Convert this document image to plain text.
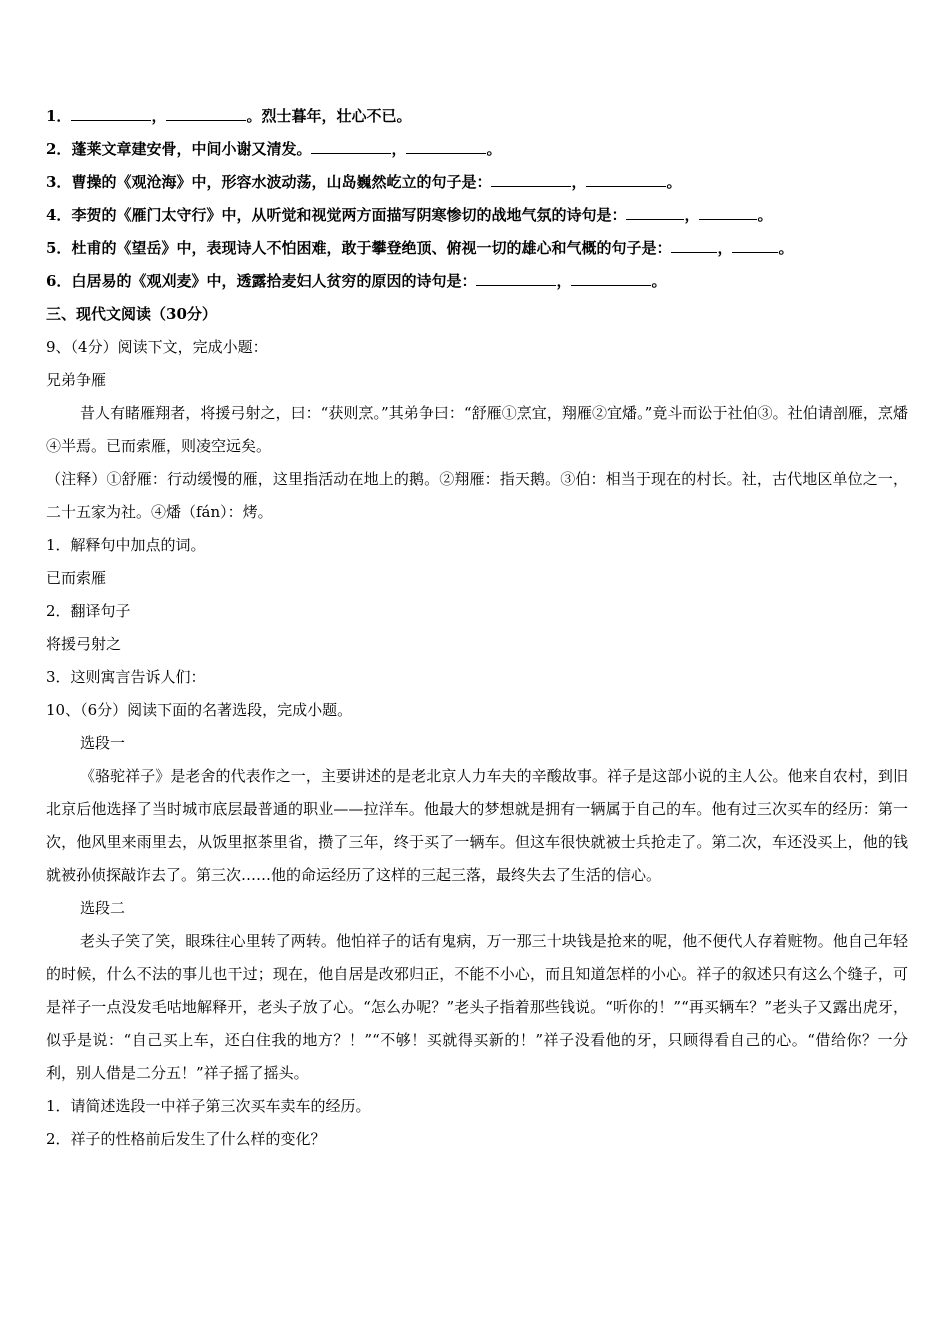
1．	，	。烈士暮年，壮心不已。
2．蓬莱文章建安骨，中间小谢又清发。	，	。
3．曹操的《观沧海》中，形容水波动荡，山岛巍然屹立的句子是：	，	。
4．李贺的《雁门太守行》中，从听觉和视觉两方面描写阴寒惨切的战地气氛的诗句是：	，	。
5．杜甫的《望岳》中，表现诗人不怕困难，敢于攀登绝顶、俯视一切的雄心和气概的句子是：	，	。
6．白居易的《观刈麦》中，透露拾麦妇人贫穷的原因的诗句是：	，	。
三、现代文阅读（30分）
9、（4分）阅读下文，完成小题：
兄弟争雁
昔人有睹雁翔者，将援弓射之，曰：“获则烹。”其弟争曰：“舒雁①烹宜，翔雁②宜燔。”竟斗而讼于社伯③。社伯请剖雁，烹燔④半焉。已而索雁，则凌空远矣。
（注释）①舒雁：行动缓慢的雁，这里指活动在地上的鹅。②翔雁：指天鹅。③伯：相当于现在的村长。社，古代地区单位之一，二十五家为社。④燔（fán）：烤。
1．解释句中加点的词。
已而索雁
2．翻译句子
将援弓射之
3．这则寓言告诉人们：
10、（6分）阅读下面的名著选段，完成小题。
选段一
《骆驼祥子》是老舍的代表作之一，主要讲述的是老北京人力车夫的辛酸故事。祥子是这部小说的主人公。他来自农村，到旧北京后他选择了当时城市底层最普通的职业——拉洋车。他最大的梦想就是拥有一辆属于自己的车。他有过三次买车的经历：第一次，他风里来雨里去，从饭里抠茶里省，攒了三年，终于买了一辆车。但这车很快就被士兵抢走了。第二次，车还没买上，他的钱就被孙侦探敲诈去了。第三次……他的命运经历了这样的三起三落，最终失去了生活的信心。
选段二
老头子笑了笑，眼珠往心里转了两转。他怕祥子的话有鬼病，万一那三十块钱是抢来的呢，他不便代人存着赃物。他自己年轻的时候，什么不法的事儿也干过；现在，他自居是改邪归正，不能不小心，而且知道怎样的小心。祥子的叙述只有这么个缝子，可是祥子一点没发毛咕地解释开，老头子放了心。“怎么办呢？”老头子指着那些钱说。“听你的！”“再买辆车？”老头子又露出虎牙，似乎是说：“自己买上车，还白住我的地方？！”“不够！买就得买新的！”祥子没看他的牙，只顾得看自己的心。“借给你？一分利，别人借是二分五！”祥子摇了摇头。
1．请简述选段一中祥子第三次买车卖车的经历。
2．祥子的性格前后发生了什么样的变化？
